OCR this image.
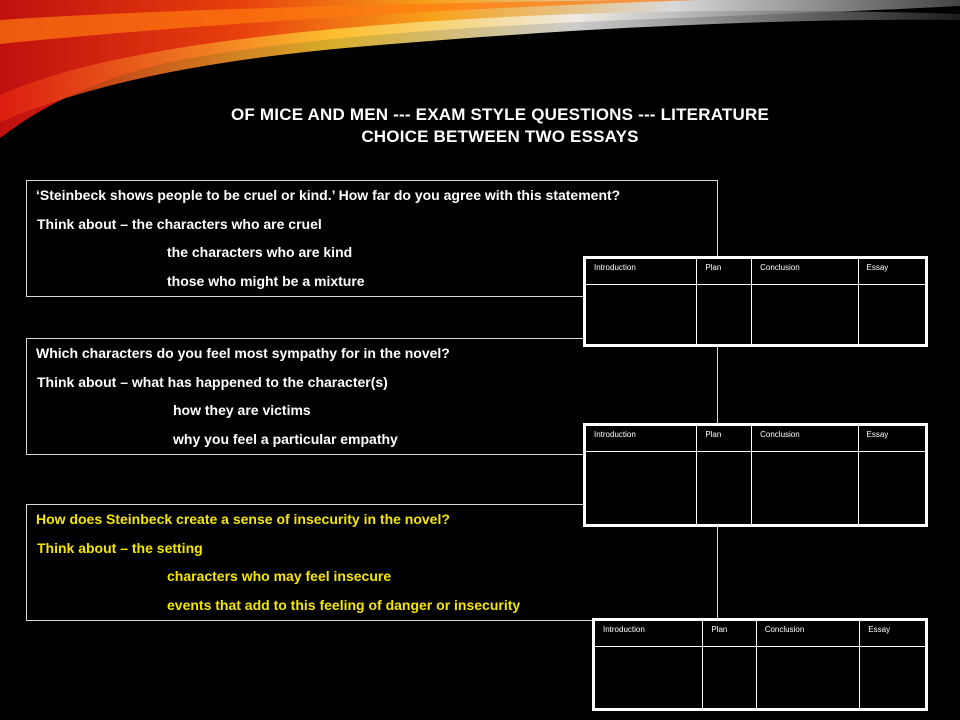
OF MICE AND MEN --- EXAM STYLE QUESTIONS --- LITERATURE
CHOICE BETWEEN TWO ESSAYS
‘Steinbeck shows people to be cruel or kind.’ How far do you agree with this statement?
Think about – the characters who are cruel
the characters who are kind
those who might be a mixture
Which characters do you feel most sympathy for in the novel?
Think about – what has happened to the character(s)
how they are victims
why you feel a particular empathy
How does Steinbeck create a sense of insecurity in the novel?
Think about – the setting
characters who may feel insecure
events that add to this feeling of danger or insecurity
Introduction	Plan	Conclusion	Essay

Introduction	Plan	Conclusion	Essay

Introduction	Plan	Conclusion	Essay
